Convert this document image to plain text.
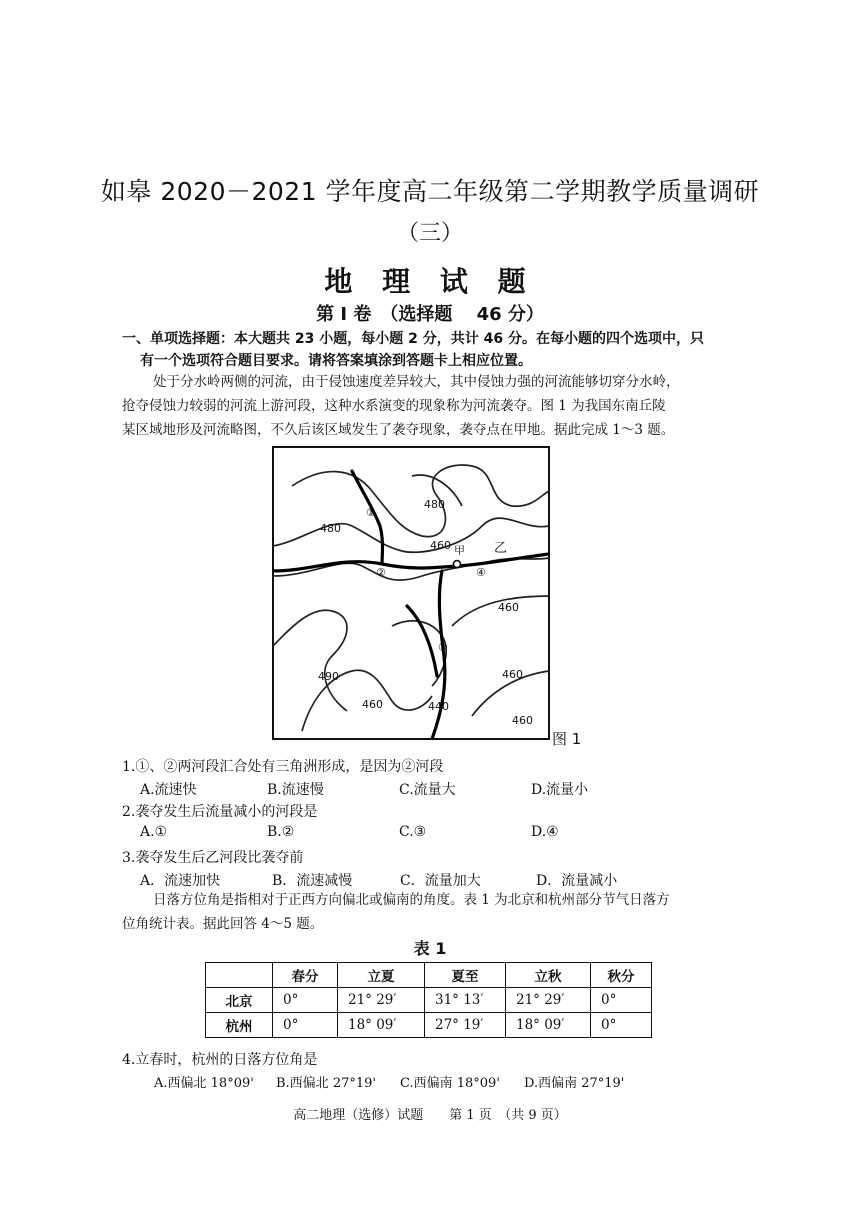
如皋 2020－2021 学年度高二年级第二学期教学质量调研
（三）
地 理 试 题
第 I 卷　（选择题　 46 分）
一、单项选择题：本大题共 23 小题，每小题 2 分，共计 46 分。在每小题的四个选项中，只
有一个选项符合题目要求。请将答案填涂到答题卡上相应位置。
处于分水岭两侧的河流，由于侵蚀速度差异较大，其中侵蚀力强的河流能够切穿分水岭，
抢夺侵蚀力较弱的河流上游河段，这种水系演变的现象称为河流袭夺。图 1 为我国东南丘陵
某区域地形及河流略图，不久后该区域发生了袭夺现象，袭夺点在甲地。据此完成 1～3 题。
480
480
460
460
490
460
460
440
460
甲 乙
①
②
③
④
图 1
1.①、②两河段汇合处有三角洲形成，是因为②河段
A.流速快	B.流速慢	C.流量大	D.流量小
2.袭夺发生后流量减小的河段是
A.①	B.②	C.③	D.④
3.袭夺发生后乙河段比袭夺前
A．流速加快	B．流速减慢	C．流量加大	D．流量减小
日落方位角是指相对于正西方向偏北或偏南的角度。表 1 为北京和杭州部分节气日落方
位角统计表。据此回答 4～5 题。
表 1
	春分	立夏	夏至	立秋	秋分
北京	0°	21° 29′	31° 13′	21° 29′	0°
杭州	0°	18° 09′	27° 19′	18° 09′	0°
4.立春时，杭州的日落方位角是
A.西偏北 18°09' B.西偏北 27°19' C.西偏南 18°09' D.西偏南 27°19'
高二地理（选修）试题　　第 1 页　（共 9 页）
